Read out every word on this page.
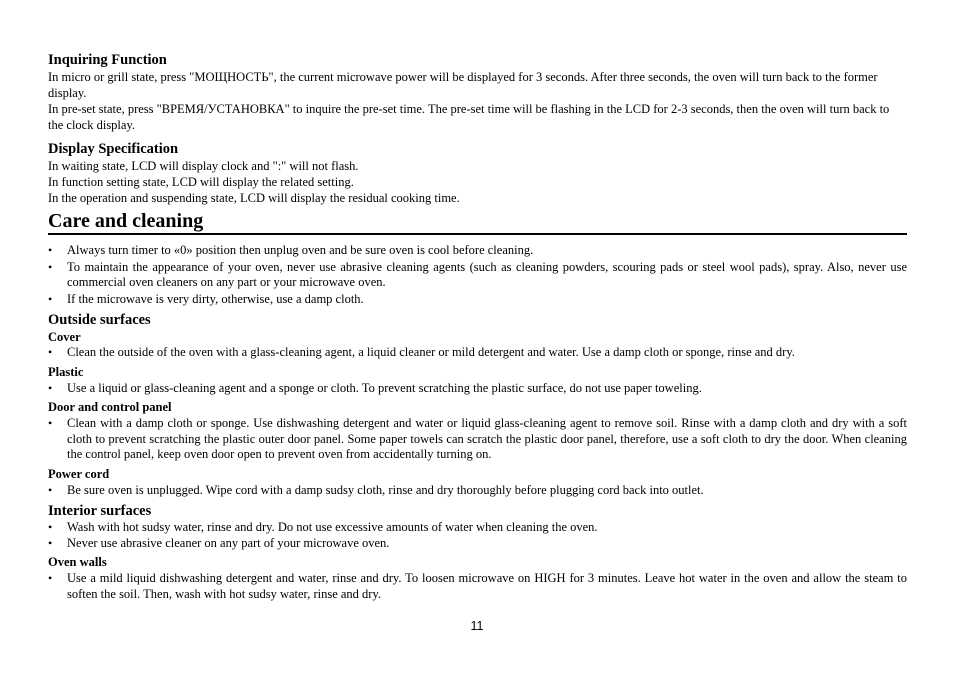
Inquiring Function

In micro or grill state, press "МОЩНОСТЬ", the current microwave power will be displayed for 3 seconds. After three seconds, the oven will turn back to the former display.

In pre-set state, press "ВРЕМЯ/УСТАНОВКА" to inquire the pre-set time. The pre-set time will be flashing in the LCD for 2-3 seconds, then the oven will turn back to the clock display.

Display Specification

In waiting state, LCD will display clock and ":" will not flash.

In function setting state, LCD will display the related setting.

In the operation and suspending state, LCD will display the residual cooking time.

Care and cleaning
• Always turn timer to «0» position then unplug oven and be sure oven is cool before cleaning.
• To maintain the appearance of your oven, never use abrasive cleaning agents (such as cleaning powders, scouring pads or steel wool pads), spray. Also, never use commercial oven cleaners on any part or your microwave oven.
• If the microwave is very dirty, otherwise, use a damp cloth.
Outside surfaces
Cover
• Clean the outside of the oven with a glass-cleaning agent, a liquid cleaner or mild detergent and water. Use a damp cloth or sponge, rinse and dry.
Plastic
• Use a liquid or glass-cleaning agent and a sponge or cloth. To prevent scratching the plastic surface, do not use paper toweling.
Door and control panel
• Clean with a damp cloth or sponge. Use dishwashing detergent and water or liquid glass-cleaning agent to remove soil. Rinse with a damp cloth and dry with a soft cloth to prevent scratching the plastic outer door panel. Some paper towels can scratch the plastic door panel, therefore, use a soft cloth to dry the door. When cleaning the control panel, keep oven door open to prevent oven from accidentally turning on.
Power cord
• Be sure oven is unplugged. Wipe cord with a damp sudsy cloth, rinse and dry thoroughly before plugging cord back into outlet.
Interior surfaces
• Wash with hot sudsy water, rinse and dry. Do not use excessive amounts of water when cleaning the oven.
• Never use abrasive cleaner on any part of your microwave oven.
Oven walls
• Use a mild liquid dishwashing detergent and water, rinse and dry. To loosen microwave on HIGH for 3 minutes. Leave hot water in the oven and allow the steam to soften the soil. Then, wash with hot sudsy water, rinse and dry.
11
